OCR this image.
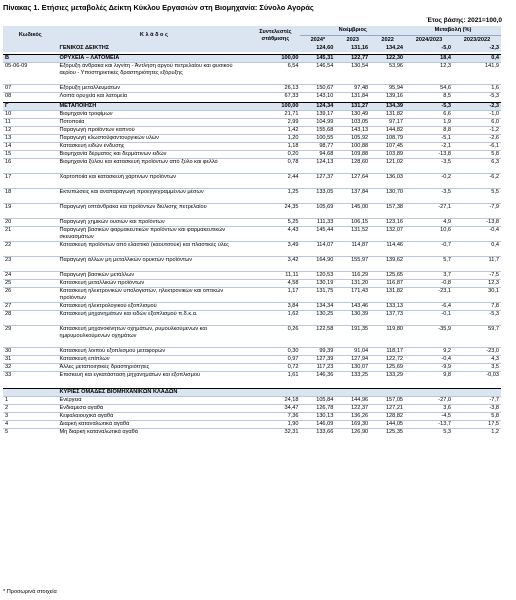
Πίνακας 1. Ετήσιες μεταβολές Δείκτη Κύκλου Εργασιών στη Βιομηχανία: Σύνολο Αγοράς
Έτος βάσης: 2021=100,0
Κωδικός	Κ λ ά δ ο ς	Συντελεστές στάθμισης	Νοέμβριος			Μεταβολή (%)	
			2024*	2023	2022	2024/2023	2023/2022
	ΓΕΝΙΚΟΣ ΔΕΙΚΤΗΣ		124,60	131,16	134,24	-5,0	-2,3

B	ΟΡΥΧΕΙΑ – ΛΑΤΟΜΕΙΑ	100,00	145,31	122,77	122,30	18,4	0,4
05-06-09	Εξόρυξη άνθρακα και λιγνίτη - Άντληση αργού πετρελαίου και φυσικού αερίου - Υποστηρικτικές δραστηριότητες εξόρυξης	6,54	146,54	130,54	53,96	12,3	141,9
07	Εξόρυξη μεταλλευμάτων	26,13	150,67	97,48	95,94	54,6	1,6
08	Λοιπά ορυχεία και λατομεία	67,33	143,10	131,84	139,16	8,5	-5,3

Γ	ΜΕΤΑΠΟΙΗΣΗ	100,00	124,34	131,27	134,39	-5,3	-2,3
10	Βιομηχανία τροφίμων	21,71	139,17	130,49	131,82	6,6	-1,0
11	Ποτοποιία	2,99	104,99	103,05	97,17	1,9	6,0
12	Παραγωγή προϊόντων καπνού	1,42	155,68	143,13	144,82	8,8	-1,2
13	Παραγωγή κλωστοϋφαντουργικών υλών	1,20	100,55	105,92	108,79	-5,1	-2,6
14	Κατασκευή ειδών ένδυσης	1,18	98,77	100,88	107,45	-2,1	-6,1
15	Βιομηχανία δέρματος και δερμάτινων ειδών	0,20	94,68	109,88	103,89	-13,8	5,8
16	Βιομηχανία ξύλου και κατασκευή προϊόντων από ξύλο και φελλό	0,78	124,13	128,60	121,02	-3,5	6,3
17	Χαρτοποιία και κατασκευή χάρτινων προϊόντων	2,44	127,37	127,64	136,03	-0,2	-6,2
18	Εκτυπώσεις και αναπαραγωγή προεγγεγραμμένων μέσων	1,25	133,05	137,84	130,70	-3,5	5,5
19	Παραγωγή οπτάνθρακα και προϊόντων διύλισης πετρελαίου	24,35	105,69	145,00	157,38	-27,1	-7,9
20	Παραγωγή χημικών ουσιών και προϊόντων	5,25	111,33	106,15	123,16	4,9	-13,8
21	Παραγωγή βασικών φαρμακευτικών προϊόντων και φαρμακευτικών σκευασμάτων	4,43	145,44	131,52	132,07	10,6	-0,4
22	Κατασκευή προϊόντων από ελαστικό (καουτσούκ) και πλαστικές ύλες	3,49	114,07	114,87	114,46	-0,7	0,4
23	Παραγωγή άλλων μη μεταλλικών ορυκτών προϊόντων	3,42	164,90	155,97	139,62	5,7	11,7
24	Παραγωγή βασικών μετάλλων	11,11	120,53	116,29	125,65	3,7	-7,5
25	Κατασκευή μεταλλικών προϊόντων	4,58	130,19	131,20	116,87	-0,8	12,3
26	Κατασκευή ηλεκτρονικών υπολογιστών, ηλεκτρονικών και οπτικών προϊόντων	1,17	131,75	171,43	131,82	-23,1	30,1
27	Κατασκευή ηλεκτρολογικού εξοπλισμού	3,84	134,34	143,46	133,13	-6,4	7,8
28	Κατασκευή μηχανημάτων και ειδών εξοπλισμού π.δ.κ.α.	1,62	130,25	130,39	137,73	-0,1	-5,3
29	Κατασκευή μηχανοκίνητων οχημάτων, ρυμουλκούμενων και ημιρυμουλκούμενων οχημάτων	0,26	122,58	191,35	119,80	-35,9	59,7
30	Κατασκευή λοιπού εξοπλισμού μεταφορών	0,30	99,39	91,04	118,17	9,2	-23,0
31	Κατασκευή επίπλων	0,97	127,39	127,94	122,72	-0,4	4,3
32	Άλλες μεταποιητικές δραστηριότητες	0,72	117,23	130,07	125,69	-9,9	3,5
33	Επισκευή και εγκατάσταση μηχανημάτων και εξοπλισμού	1,61	146,36	133,25	133,29	9,8	-0,03

	ΚΥΡΙΕΣ ΟΜΑΔΕΣ ΒΙΟΜΗΧΑΝΙΚΩΝ ΚΛΑΔΩΝ						
1	Ενέργεια	24,18	105,84	144,96	157,05	-27,0	-7,7
2	Ενδιάμεσα αγαθά	34,47	126,78	122,37	127,21	3,6	-3,8
3	Κεφαλαιουχικά αγαθά	7,36	130,13	136,26	128,82	-4,5	5,8
4	Διαρκή καταναλωτικά αγαθά	1,90	146,09	169,30	144,05	-13,7	17,5
5	Μη διαρκή καταναλωτικά αγαθά	32,31	133,66	126,90	125,35	5,3	1,2
* Προσωρινά στοιχεία
